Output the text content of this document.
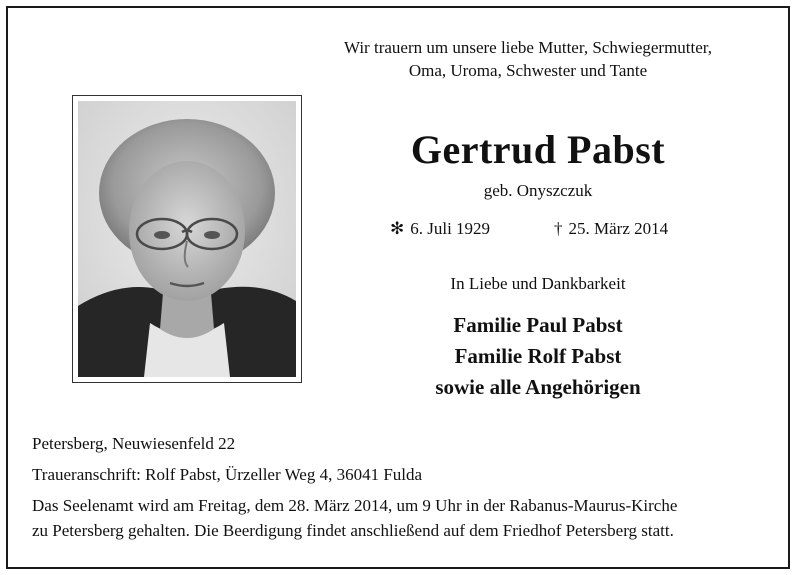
Wir trauern um unsere liebe Mutter, Schwiegermutter,
Oma, Uroma, Schwester und Tante
Gertrud Pabst
geb. Onyszczuk
✻ 6. Juli 1929	† 25. März 2014
In Liebe und Dankbarkeit
Familie Paul Pabst
Familie Rolf Pabst
sowie alle Angehörigen
Petersberg, Neuwiesenfeld 22
Traueranschrift: Rolf Pabst, Ürzeller Weg 4, 36041 Fulda
Das Seelenamt wird am Freitag, dem 28. März 2014, um 9 Uhr in der Rabanus-Maurus-Kirche
zu Petersberg gehalten. Die Beerdigung findet anschließend auf dem Friedhof Petersberg statt.
